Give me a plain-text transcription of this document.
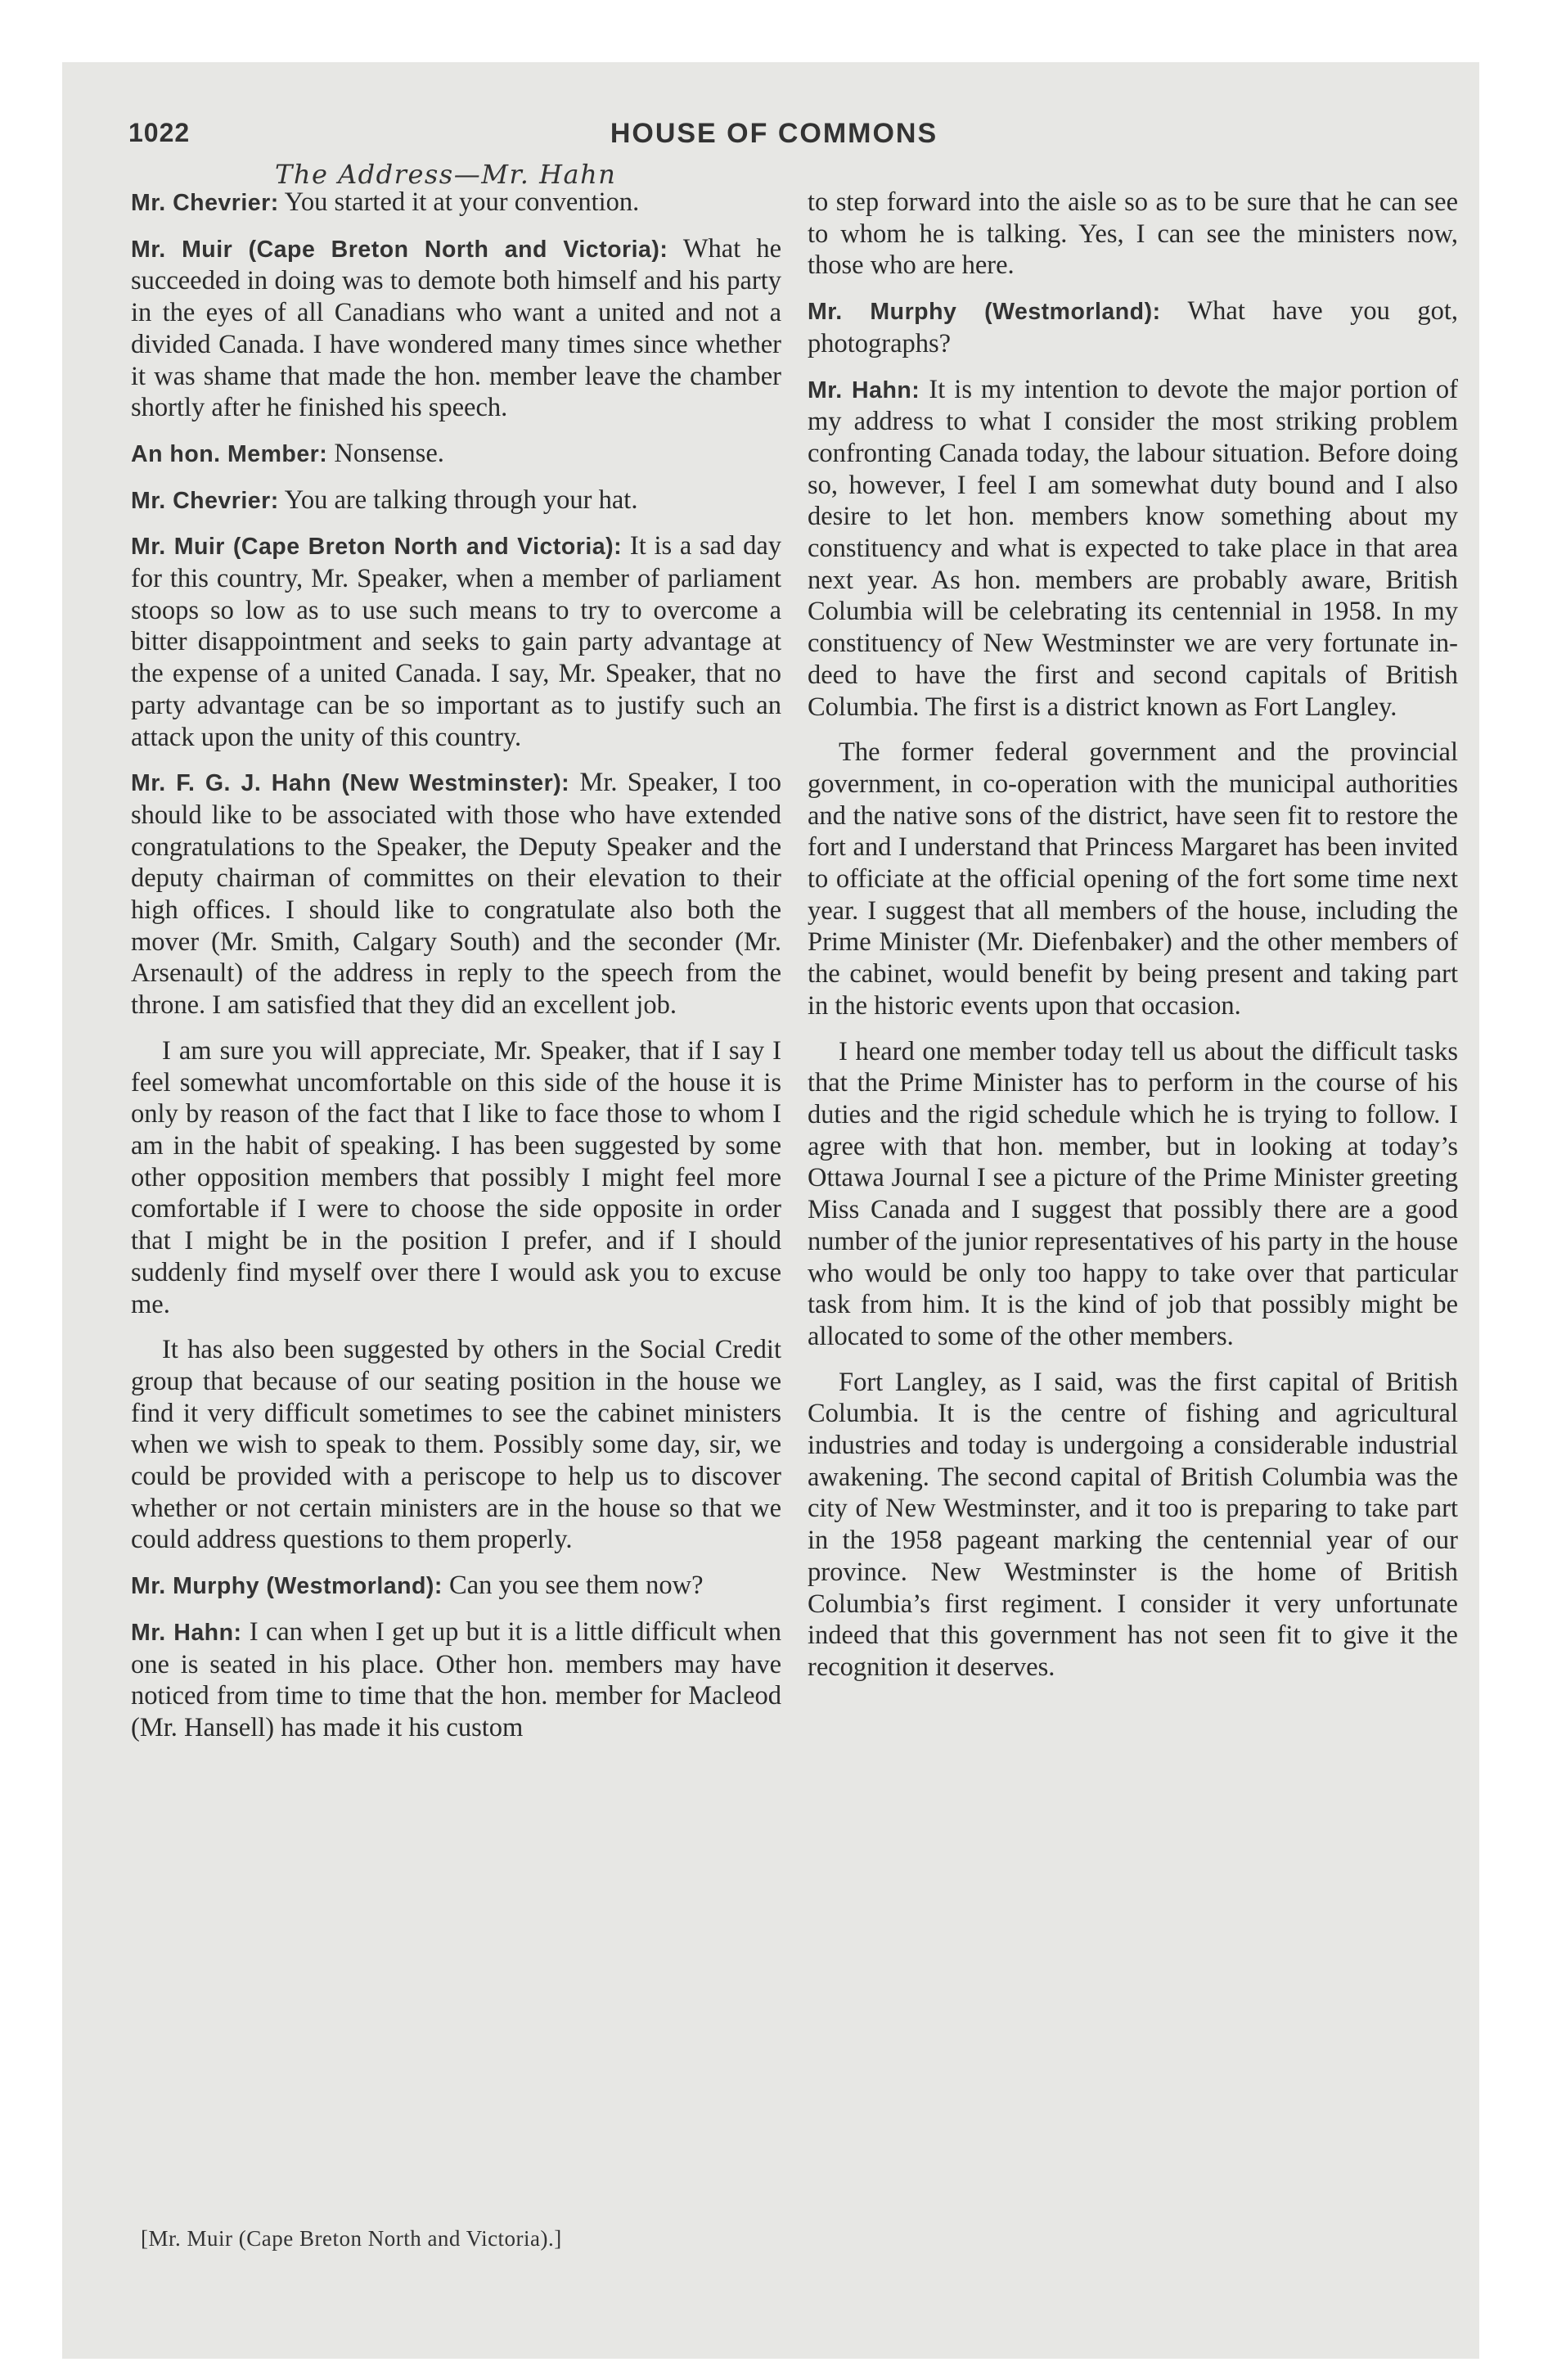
1022	HOUSE OF COMMONS
The Address—Mr. Hahn

Mr. Chevrier: You started it at your convention.

Mr. Muir (Cape Breton North and Victoria): What he succeeded in doing was to demote both himself and his party in the eyes of all Canadians who want a united and not a divided Canada. I have wondered many times since whether it was shame that made the hon. member leave the chamber shortly after he finished his speech.

An hon. Member: Nonsense.

Mr. Chevrier: You are talking through your hat.

Mr. Muir (Cape Breton North and Victoria): It is a sad day for this country, Mr. Speaker, when a member of parliament stoops so low as to use such means to try to overcome a bitter disappointment and seeks to gain party advantage at the expense of a united Canada. I say, Mr. Speaker, that no party advantage can be so important as to justify such an attack upon the unity of this country.

Mr. F. G. J. Hahn (New Westminster): Mr. Speaker, I too should like to be associated with those who have extended congratulations to the Speaker, the Deputy Speaker and the deputy chairman of committes on their elevation to their high offices. I should like to congratulate also both the mover (Mr. Smith, Calgary South) and the seconder (Mr. Arsenault) of the address in reply to the speech from the throne. I am satisfied that they did an excellent job.

I am sure you will appreciate, Mr. Speaker, that if I say I feel somewhat uncomfortable on this side of the house it is only by reason of the fact that I like to face those to whom I am in the habit of speaking. I has been suggested by some other opposition members that possibly I might feel more comfortable if I were to choose the side opposite in order that I might be in the position I prefer, and if I should suddenly find myself over there I would ask you to excuse me.

It has also been suggested by others in the Social Credit group that because of our seating position in the house we find it very difficult sometimes to see the cabinet ministers when we wish to speak to them. Possibly some day, sir, we could be provided with a periscope to help us to discover whether or not certain ministers are in the house so that we could address questions to them properly.

Mr. Murphy (Westmorland): Can you see them now?

Mr. Hahn: I can when I get up but it is a little difficult when one is seated in his place. Other hon. members may have noticed from time to time that the hon. member for Macleod (Mr. Hansell) has made it his custom

to step forward into the aisle so as to be sure that he can see to whom he is talking. Yes, I can see the ministers now, those who are here.

Mr. Murphy (Westmorland): What have you got, photographs?

Mr. Hahn: It is my intention to devote the major portion of my address to what I consider the most striking problem confronting Canada today, the labour situation. Before doing so, however, I feel I am somewhat duty bound and I also desire to let hon. members know something about my constituency and what is expected to take place in that area next year. As hon. members are probably aware, British Columbia will be celebrating its centennial in 1958. In my constituency of New Westminster we are very fortunate indeed to have the first and second capitals of British Columbia. The first is a district known as Fort Langley.

The former federal government and the provincial government, in co-operation with the municipal authorities and the native sons of the district, have seen fit to restore the fort and I understand that Princess Margaret has been invited to officiate at the official opening of the fort some time next year. I suggest that all members of the house, including the Prime Minister (Mr. Diefenbaker) and the other members of the cabinet, would benefit by being present and taking part in the historic events upon that occasion.

I heard one member today tell us about the difficult tasks that the Prime Minister has to perform in the course of his duties and the rigid schedule which he is trying to follow. I agree with that hon. member, but in looking at today’s Ottawa Journal I see a picture of the Prime Minister greeting Miss Canada and I suggest that possibly there are a good number of the junior representatives of his party in the house who would be only too happy to take over that particular task from him. It is the kind of job that possibly might be allocated to some of the other members.

Fort Langley, as I said, was the first capital of British Columbia. It is the centre of fishing and agricultural industries and today is undergoing a considerable industrial awakening. The second capital of British Columbia was the city of New Westminster, and it too is preparing to take part in the 1958 pageant marking the centennial year of our province. New Westminster is the home of British Columbia’s first regiment. I consider it very unfortunate indeed that this government has not seen fit to give it the recognition it deserves.

[Mr. Muir (Cape Breton North and Victoria).]
